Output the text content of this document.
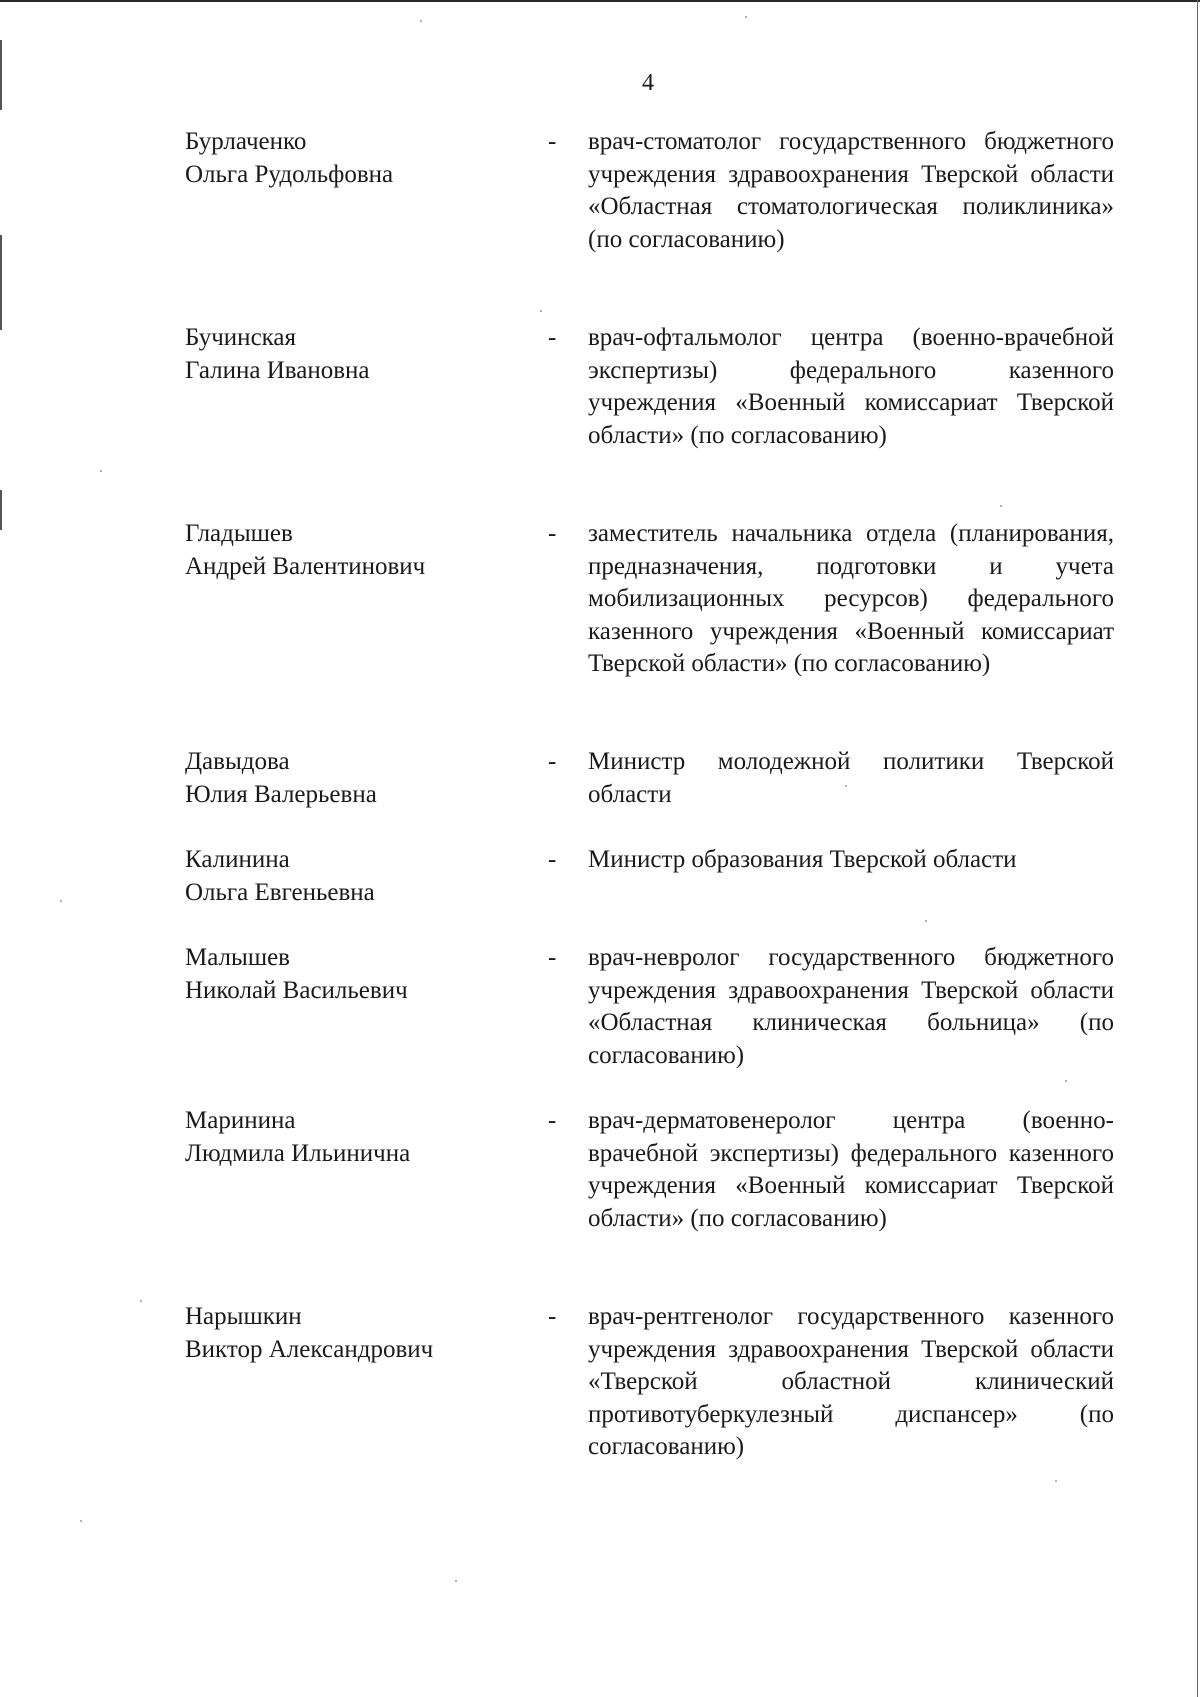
4
Бурлаченко
Ольга Рудольфовна
- врач-стоматолог государственного бюджетного учреждения здравоохранения Тверской области «Областная стоматологическая поликлиника» (по согласованию)
Бучинская
Галина Ивановна
- врач-офтальмолог центра (военно-врачебной экспертизы) федерального казенного учреждения «Военный комиссариат Тверской области» (по согласованию)
Гладышев
Андрей Валентинович
- заместитель начальника отдела (планирования, предназначения, подготовки и учета мобилизационных ресурсов) федерального казенного учреждения «Военный комиссариат Тверской области» (по согласованию)
Давыдова
Юлия Валерьевна
- Министр молодежной политики Тверской области
Калинина
Ольга Евгеньевна
- Министр образования Тверской области
Малышев
Николай Васильевич
- врач-невролог государственного бюджетного учреждения здравоохранения Тверской области «Областная клиническая больница» (по согласованию)
Маринина
Людмила Ильинична
- врач-дерматовенеролог центра (военно-врачебной экспертизы) федерального казенного учреждения «Военный комиссариат Тверской области» (по согласованию)
Нарышкин
Виктор Александрович
- врач-рентгенолог государственного казенного учреждения здравоохранения Тверской области «Тверской областной клинический противотуберкулезный диспансер» (по согласованию)
